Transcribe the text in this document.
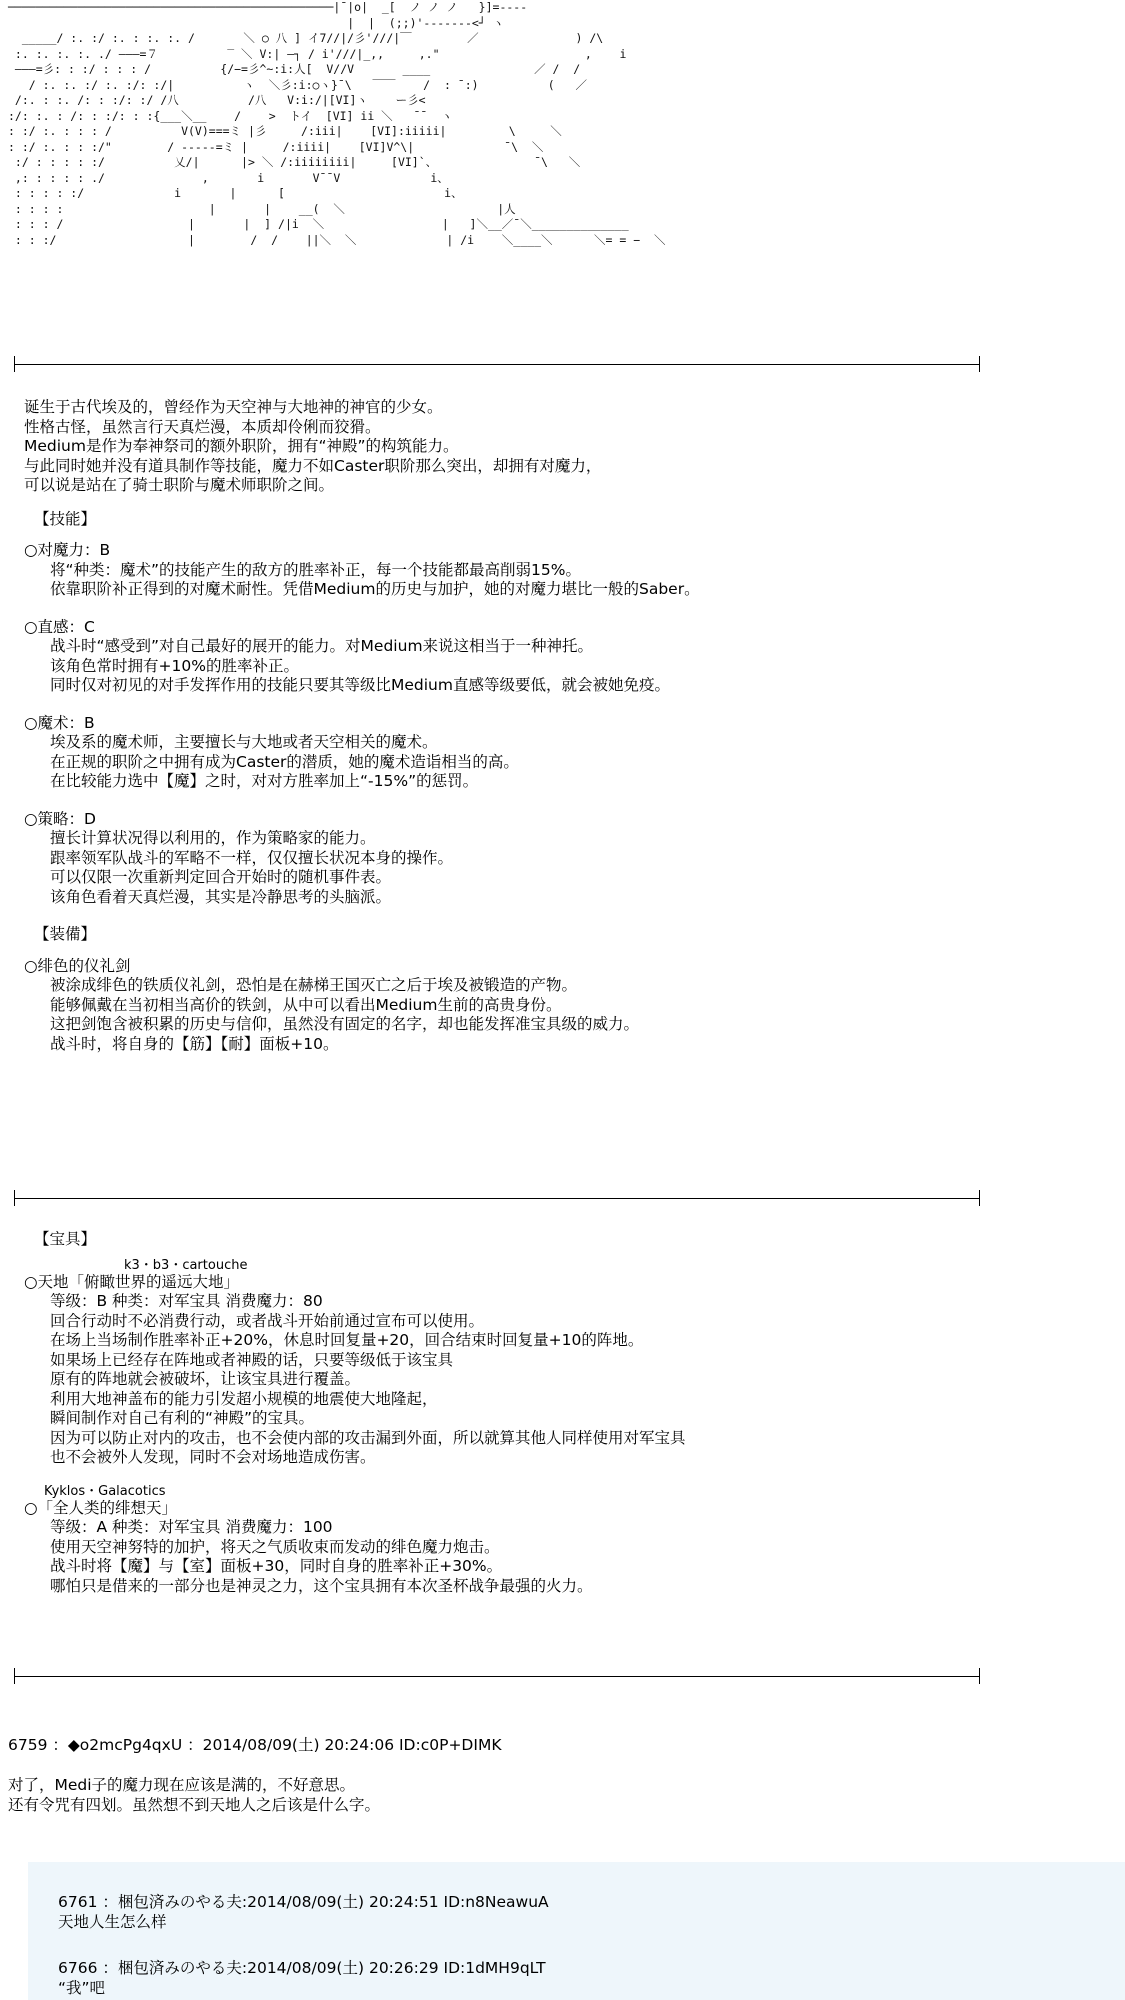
───────────────────────────────────────────────|¯|o|  _[  ノ ノ ノ   }]=----
|  |  (;;)'-------<┘ ヽ
_____/ :. :/ :. : :. :. /       ＼ ○ 八 ] イ7//|/彡'///|￣        ／              ) /\
:. :. :. :. ./ ―――=７          ‾ ＼ V:| ―┐ / i'///|_,,     ,."                     ,    i
―――=彡: : :/ : : : /          {/−=彡^~:i:人[  V//V       ____               ／ /  /
/ :. :. :/ :. :/: :/|          ヽ  ＼彡:i:○ヽ}¯\   ￣￣    /  : ¯:)          (   ／
/:. : :. /: : :/: :/ /八          /八   V:i:/|[VI]ヽ    ー彡<
:/: :. : /: : :/: : :{___＼__    /    >  トイ  [VI] ii ＼   ¯¯  ヽ
: :/ :. : : : /          V(V)===ミ |彡     /:iii|    [VI]:iiiii|         \     ＼
: :/ :. : : :/"        / -----=ミ |     /:iiii|    [VI]V^\|             ¯\  ＼
:/ : : : : :/          乂/|      |> ＼ /:iiiiiiii|     [VI]`、              ¯\   ＼
,: : : : : ./              ,       i       V¯¯V             i、
: : : : :/             i       |      [                       i、
: : : :                     |       |    __(  ＼                      |人
: : : /                  |       |  ] /|i  ＼                 |   ]＼__／¯＼______________
: : :/                   |        /  /    ||＼  ＼             | /i    ＼____＼      ＼= = −  ＼
诞生于古代埃及的，曾经作为天空神与大地神的神官的少女。
性格古怪，虽然言行天真烂漫，本质却伶俐而狡猾。
Medium是作为奉神祭司的额外职阶，拥有“神殿”的构筑能力。
与此同时她并没有道具制作等技能，魔力不如Caster职阶那么突出，却拥有对魔力，
可以说是站在了骑士职阶与魔术师职阶之间。
【技能】
○对魔力：B
将“种类：魔术”的技能产生的敌方的胜率补正，每一个技能都最高削弱15%。
依靠职阶补正得到的对魔术耐性。凭借Medium的历史与加护，她的对魔力堪比一般的Saber。
○直感：C
战斗时“感受到”对自己最好的展开的能力。对Medium来说这相当于一种神托。
该角色常时拥有+10%的胜率补正。
同时仅对初见的对手发挥作用的技能只要其等级比Medium直感等级要低，就会被她免疫。
○魔术：B
埃及系的魔术师，主要擅长与大地或者天空相关的魔术。
在正规的职阶之中拥有成为Caster的潜质，她的魔术造诣相当的高。
在比较能力选中【魔】之时，对对方胜率加上“-15%”的惩罚。
○策略：D
擅长计算状况得以利用的，作为策略家的能力。
跟率领军队战斗的军略不一样，仅仅擅长状况本身的操作。
可以仅限一次重新判定回合开始时的随机事件表。
该角色看着天真烂漫，其实是冷静思考的头脑派。
【装備】
○绯色的仪礼剑
被涂成绯色的铁质仪礼剑，恐怕是在赫梯王国灭亡之后于埃及被锻造的产物。
能够佩戴在当初相当高价的铁剑，从中可以看出Medium生前的高贵身份。
这把剑饱含被积累的历史与信仰，虽然没有固定的名字，却也能发挥准宝具级的威力。
战斗时，将自身的【筋】【耐】面板+10。
【宝具】
k3・b3・cartouche
○天地「俯瞰世界的遥远大地」
等级：B 种类：对军宝具 消费魔力：80
回合行动时不必消费行动，或者战斗开始前通过宣布可以使用。
在场上当场制作胜率补正+20%，休息时回复量+20，回合结束时回复量+10的阵地。
如果场上已经存在阵地或者神殿的话，只要等级低于该宝具
原有的阵地就会被破坏，让该宝具进行覆盖。
利用大地神盖布的能力引发超小规模的地震使大地隆起，
瞬间制作对自己有利的“神殿”的宝具。
因为可以防止对内的攻击，也不会使内部的攻击漏到外面，所以就算其他人同样使用对军宝具
也不会被外人发现，同时不会对场地造成伤害。
Kyklos・Galacotics
○「全人类的绯想天」
等级：A 种类：对军宝具 消费魔力：100
使用天空神努特的加护，将天之气质收束而发动的绯色魔力炮击。
战斗时将【魔】与【室】面板+30，同时自身的胜率补正+30%。
哪怕只是借来的一部分也是神灵之力，这个宝具拥有本次圣杯战争最强的火力。
6759 ：◆o2mcPg4qxU ：2014/08/09(土) 20:24:06 ID:c0P+DIMK
对了，Medi子的魔力现在应该是满的，不好意思。
还有令咒有四划。虽然想不到天地人之后该是什么字。
6761 ：梱包済みのやる夫:2014/08/09(土) 20:24:51 ID:n8NeawuA
天地人生怎么样
6766 ：梱包済みのやる夫:2014/08/09(土) 20:26:29 ID:1dMH9qLT
“我”吧
